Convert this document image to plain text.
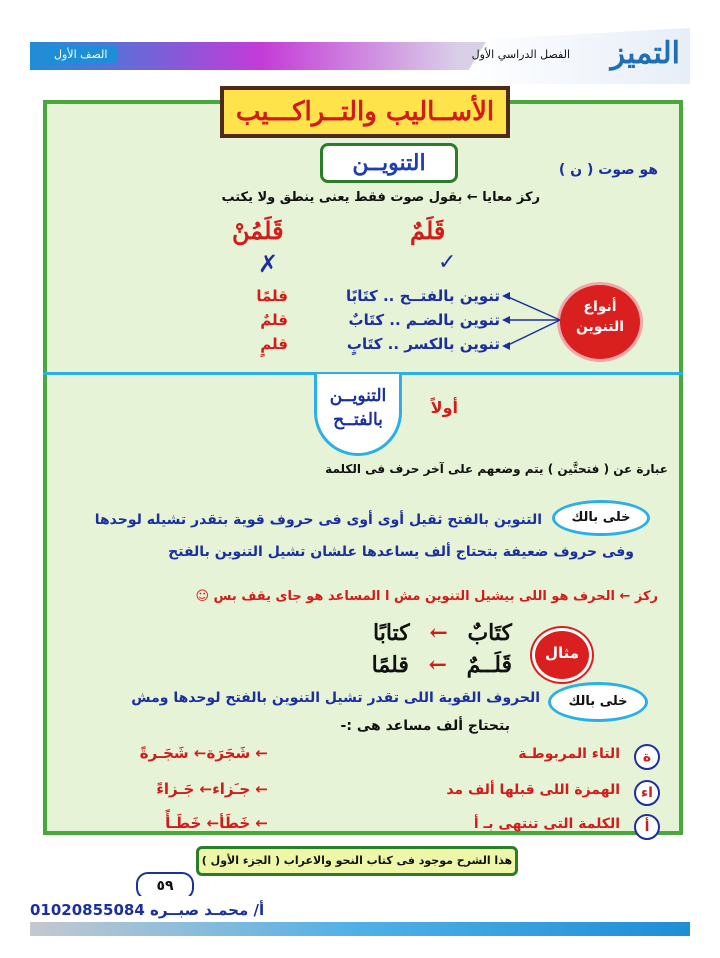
التميز
الفصل الدراسي الأول
الصف الأول
الأســاليب والتــراكـــيب
التنويــن	هو صوت ( ن )
ركز معايا ← بقول صوت فقط يعنى ينطق ولا يكتب
قَلَمٌ
قَلَمُنْ
✓
✗
أنواع التنوين
تنوين بالفتــح .. كتَابًا
تنوين بالضـم .. كتَابٌ
تنوين بالكسر .. كتَابٍ
قلمًا
قلمٌ
قلمٍ
التنويــن بالفتــح
أولاً
عبارة عن ( فتحتَّين ) يتم وضعهم على آخر حرف فى الكلمة
خلى بالك
التنوين بالفتح ثقيل أوى أوى فى حروف قوية بتقدر تشيله لوحدها
وفى حروف ضعيفة بتحتاج ألف يساعدها علشان تشيل التنوين بالفتح
ركز ← الحرف هو اللى بيشيل التنوين مش ا المساعد هو جاى يقف بس ☺
مثال
كتَابٌ ← كتابًا
قَلَــمٌ ← قلمًا
خلى بالك
الحروف القوية اللى تقدر تشيل التنوين بالفتح لوحدها ومش
بتحتاج ألف مساعد هى :-
ة
التاء المربوطـة
← شَجَرَة← شَجَـرةً
اء
الهمزة اللى قبلها ألف مد
← جـَزاء← جَـزاءً
أ
الكلمة التى تنتهى بـ أ
← خَطَأ← خَطَـأً
هذا الشرح موجود فى كتاب النحو والاعراب ( الجزء الأول )
٥٩
01020855084 أ/ محمـد صبــره
